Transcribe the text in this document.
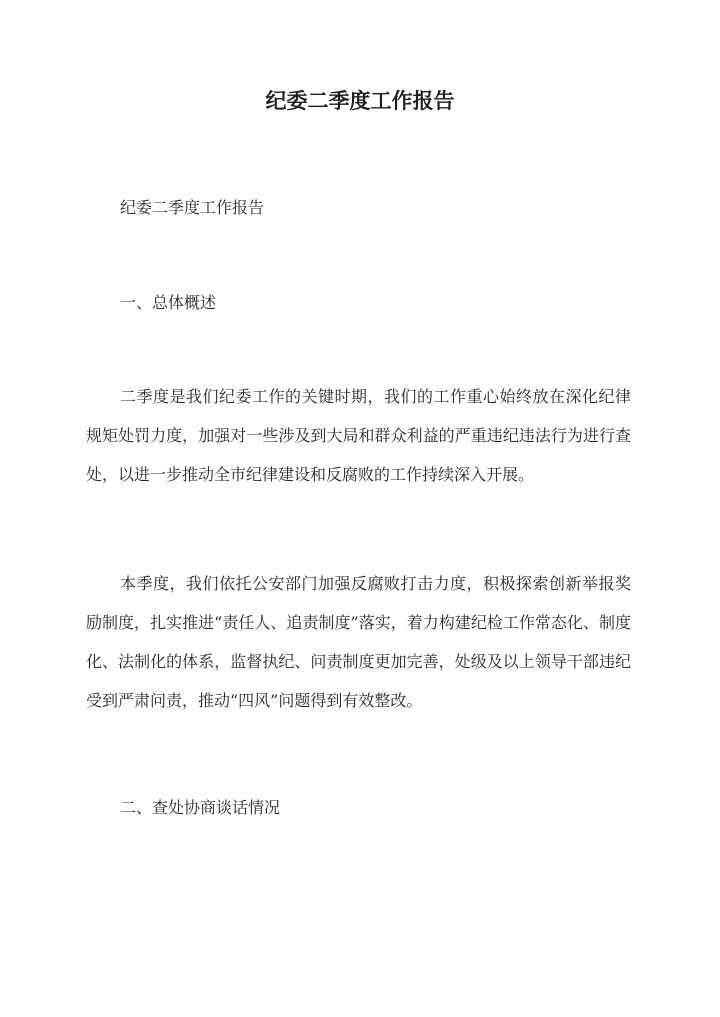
纪委二季度工作报告

纪委二季度工作报告

一、总体概述

二季度是我们纪委工作的关键时期，我们的工作重心始终放在深化纪律规矩处罚力度，加强对一些涉及到大局和群众利益的严重违纪违法行为进行查处，以进一步推动全市纪律建设和反腐败的工作持续深入开展。

本季度，我们依托公安部门加强反腐败打击力度，积极探索创新举报奖励制度，扎实推进“责任人、追责制度”落实，着力构建纪检工作常态化、制度化、法制化的体系，监督执纪、问责制度更加完善，处级及以上领导干部违纪受到严肃问责，推动“四风”问题得到有效整改。

二、查处协商谈话情况
